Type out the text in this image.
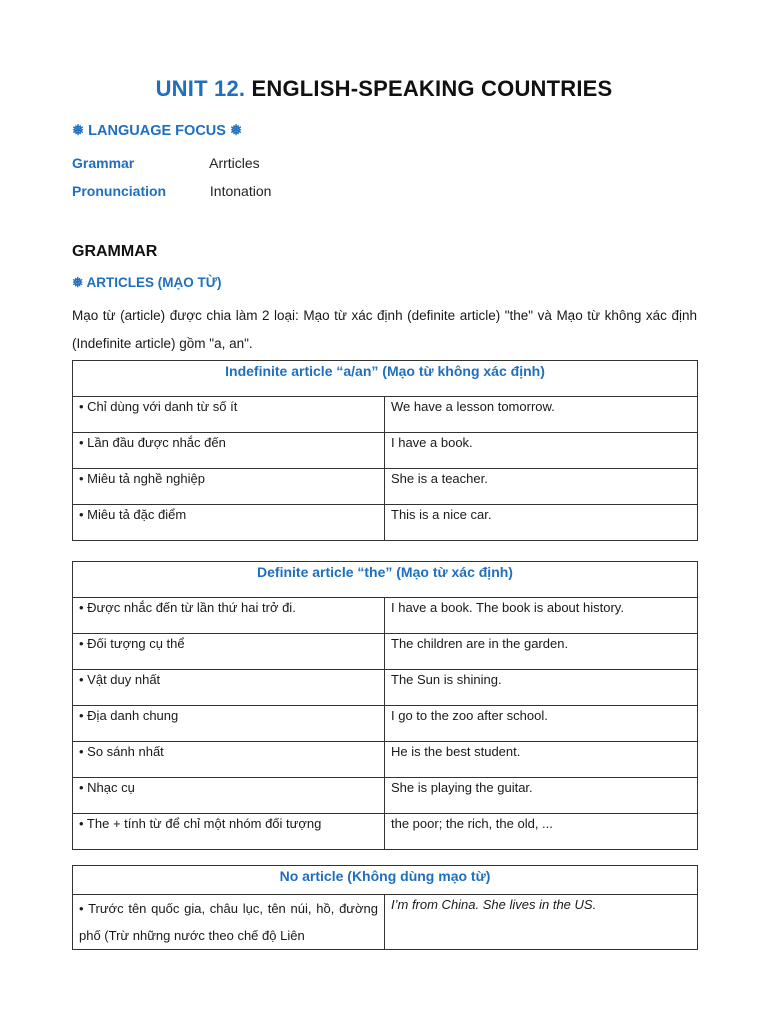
UNIT 12. ENGLISH-SPEAKING COUNTRIES
❅ LANGUAGE FOCUS ❅
Grammar	Arrticles
Pronunciation	Intonation
GRAMMAR
❅ ARTICLES (MẠO TỪ)
Mạo từ (article) được chia làm 2 loại: Mạo từ xác định (definite article) "the" và Mạo từ không xác định (Indefinite article) gồm "a, an".
Indefinite article “a/an” (Mạo từ không xác định)	
• Chỉ dùng với danh từ số ít	We have a lesson tomorrow.
• Lần đầu được nhắc đến	I have a book.
• Miêu tả nghề nghiệp	She is a teacher.
• Miêu tả đặc điểm	This is a nice car.
Definite article “the” (Mạo từ xác định)	
• Được nhắc đến từ lần thứ hai trở đi.	I have a book. The book is about history.
• Đối tượng cụ thể	The children are in the garden.
• Vật duy nhất	The Sun is shining.
• Địa danh chung	I go to the zoo after school.
• So sánh nhất	He is the best student.
• Nhạc cụ	She is playing the guitar.
• The + tính từ để chỉ một nhóm đối tượng	the poor; the rich, the old, ...
No article (Không dùng mạo từ)
• Trước tên quốc gia, châu lục, tên núi, hồ, đường phố (Trừ những nước theo chế độ Liên	I’m from China. She lives in the US.
